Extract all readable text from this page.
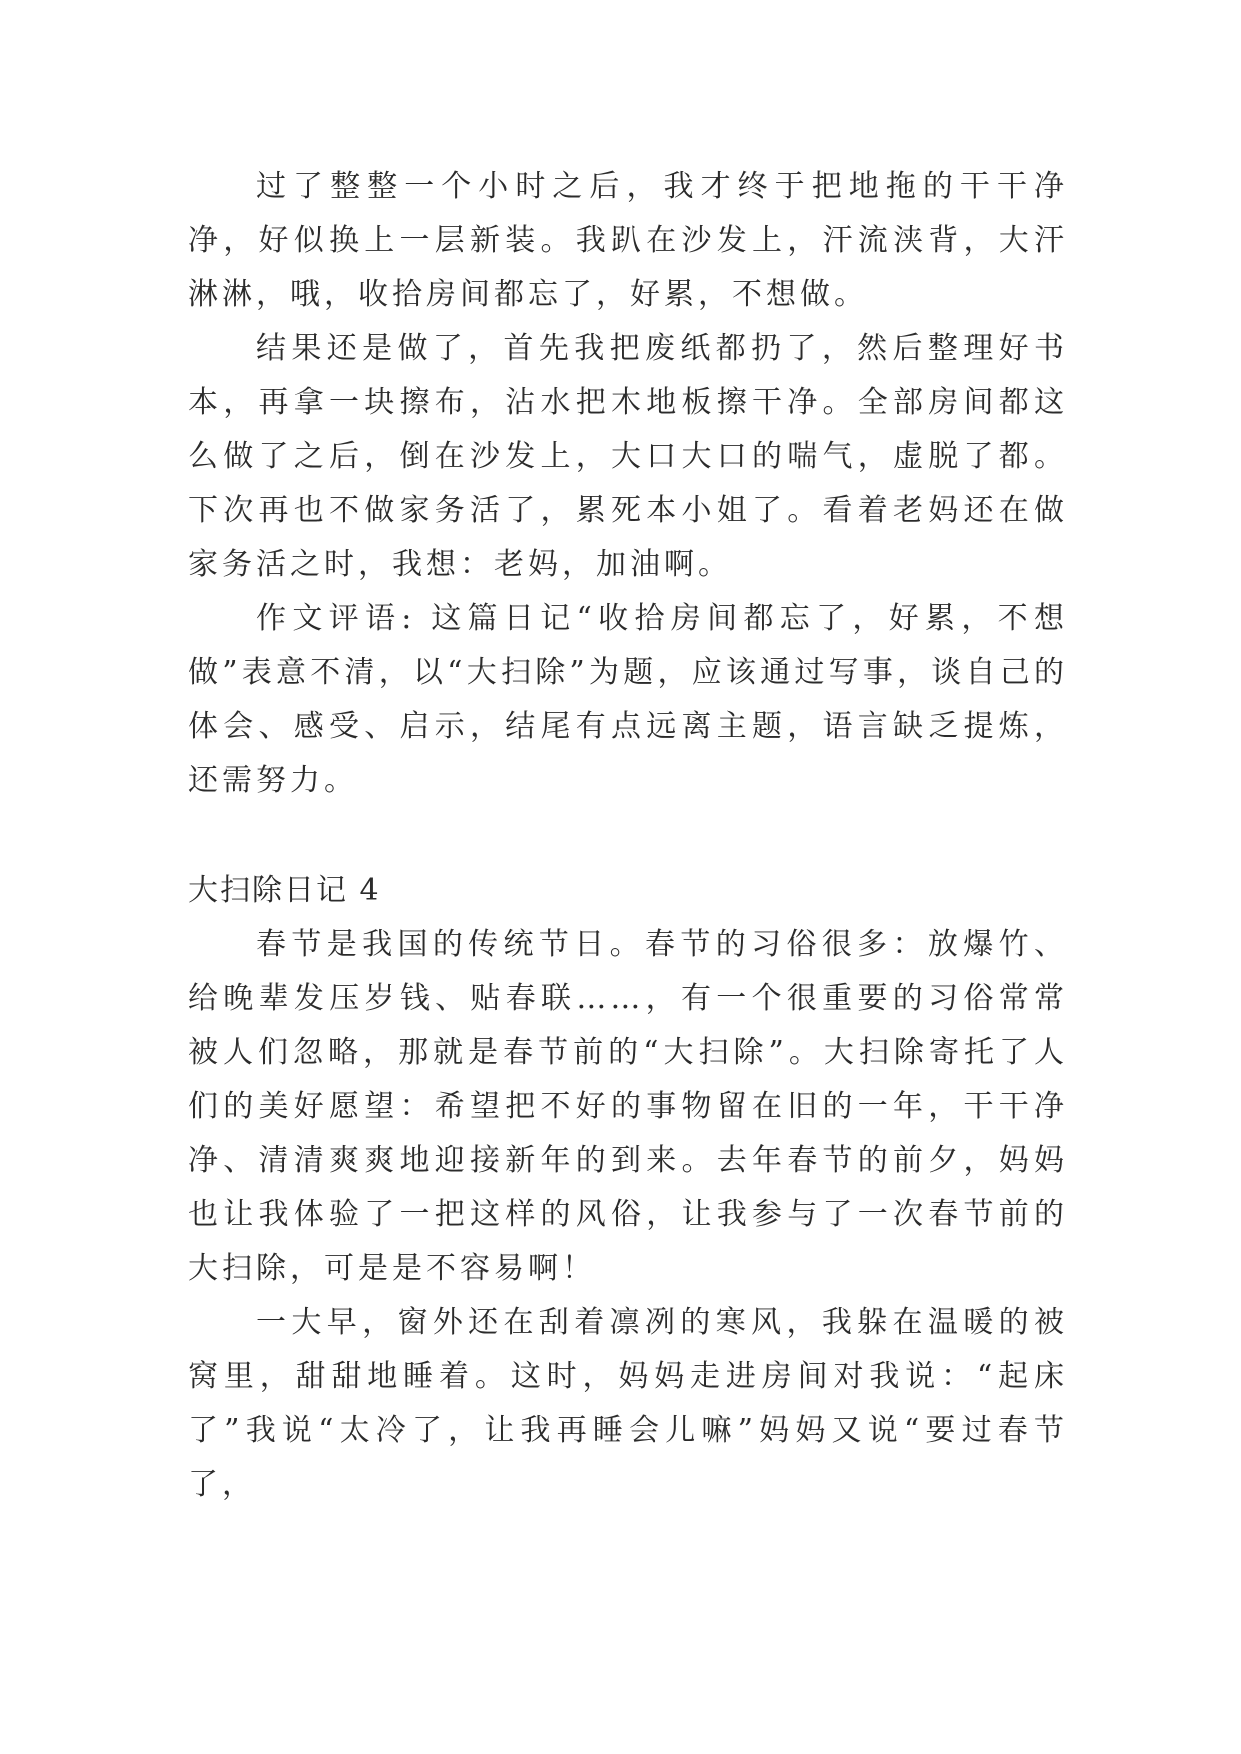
过了整整一个小时之后，我才终于把地拖的干干净净，好似换上一层新装。我趴在沙发上，汗流浃背，大汗淋淋，哦，收拾房间都忘了，好累，不想做。

结果还是做了，首先我把废纸都扔了，然后整理好书本，再拿一块擦布，沾水把木地板擦干净。全部房间都这么做了之后，倒在沙发上，大口大口的喘气，虚脱了都。下次再也不做家务活了，累死本小姐了。看着老妈还在做家务活之时，我想：老妈，加油啊。

作文评语: 这篇日记“收拾房间都忘了，好累，不想做”表意不清，以“大扫除”为题，应该通过写事，谈自己的体会、感受、启示，结尾有点远离主题，语言缺乏提炼，还需努力。

大扫除日记 4

春节是我国的传统节日。春节的习俗很多：放爆竹、给晚辈发压岁钱、贴春联……，有一个很重要的习俗常常被人们忽略，那就是春节前的“大扫除”。大扫除寄托了人们的美好愿望：希望把不好的事物留在旧的一年，干干净净、清清爽爽地迎接新年的到来。去年春节的前夕，妈妈也让我体验了一把这样的风俗，让我参与了一次春节前的大扫除，可是是不容易啊！

一大早，窗外还在刮着凛冽的寒风，我躲在温暖的被窝里，甜甜地睡着。这时，妈妈走进房间对我说：“起床了”我说“太冷了，让我再睡会儿嘛”妈妈又说“要过春节了，
